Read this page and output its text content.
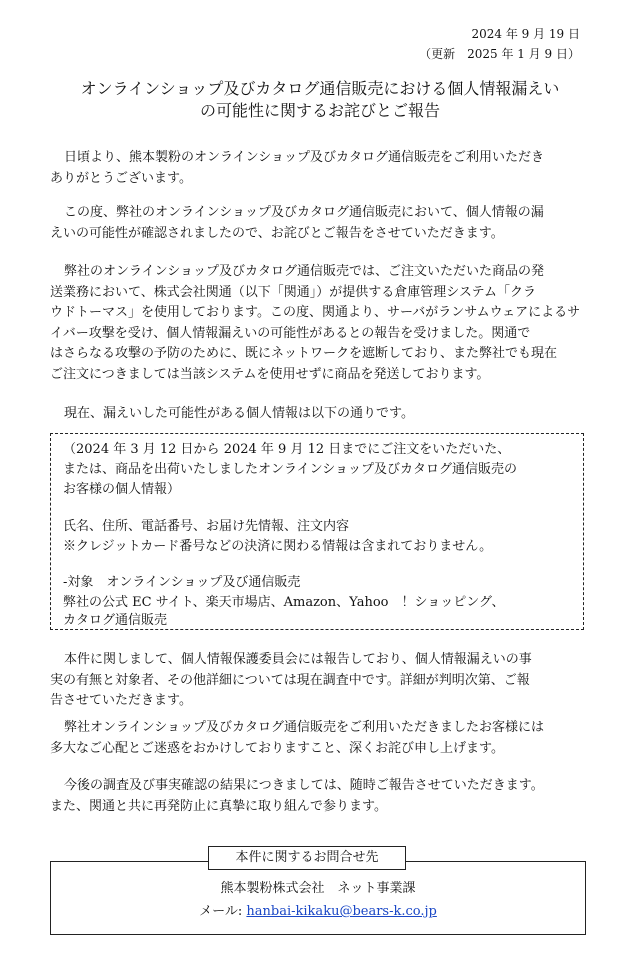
2024 年 9 月 19 日
（更新　2025 年 1 月 9 日）
オンラインショップ及びカタログ通信販売における個人情報漏えい
の可能性に関するお詫びとご報告
日頃より、熊本製粉のオンラインショップ及びカタログ通信販売をご利用いただき
ありがとうございます。
この度、弊社のオンラインショップ及びカタログ通信販売において、個人情報の漏
えいの可能性が確認されましたので、お詫びとご報告をさせていただきます。
弊社のオンラインショップ及びカタログ通信販売では、ご注文いただいた商品の発
送業務において、株式会社関通（以下「関通」）が提供する倉庫管理システム「クラ
ウドトーマス」を使用しております。この度、関通より、サーバがランサムウェアによるサ
イバー攻撃を受け、個人情報漏えいの可能性があるとの報告を受けました。関通で
はさらなる攻撃の予防のために、既にネットワークを遮断しており、また弊社でも現在
ご注文につきましては当該システムを使用せずに商品を発送しております。
現在、漏えいした可能性がある個人情報は以下の通りです。
（2024 年 3 月 12 日から 2024 年 9 月 12 日までにご注文をいただいた、
または、商品を出荷いたしましたオンラインショップ及びカタログ通信販売の
お客様の個人情報）
氏名、住所、電話番号、お届け先情報、注文内容
※クレジットカード番号などの決済に関わる情報は含まれておりません。
-対象　オンラインショップ及び通信販売
弊社の公式 EC サイト、楽天市場店、Amazon、Yahoo　！ショッピング、
カタログ通信販売
本件に関しまして、個人情報保護委員会には報告しており、個人情報漏えいの事
実の有無と対象者、その他詳細については現在調査中です。詳細が判明次第、ご報
告させていただきます。
弊社オンラインショップ及びカタログ通信販売をご利用いただきましたお客様には
多大なご心配とご迷惑をおかけしておりますこと、深くお詫び申し上げます。
今後の調査及び事実確認の結果につきましては、随時ご報告させていただきます。
また、関通と共に再発防止に真摯に取り組んで参ります。
本件に関するお問合せ先
熊本製粉株式会社　ネット事業課
メール: hanbai-kikaku@bears-k.co.jp
